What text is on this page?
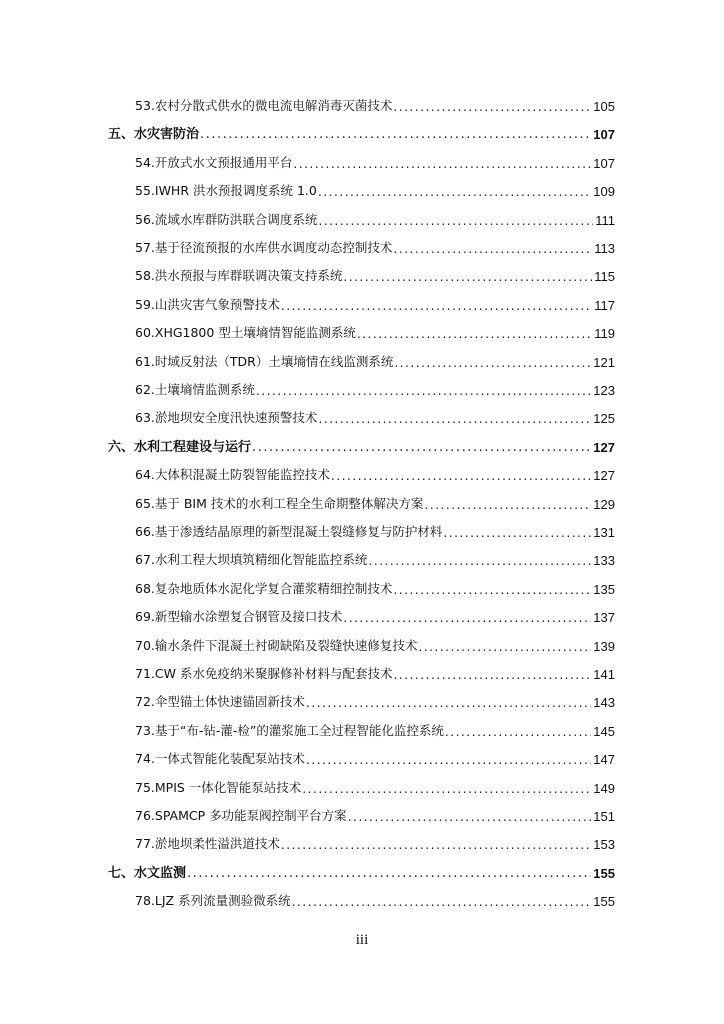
53.农村分散式供水的微电流电解消毒灭菌技术 . . .	105
五、水灾害防治 . . .	107
54.开放式水文预报通用平台 . . .	107
55.IWHR 洪水预报调度系统 1.0 . . .	109
56.流域水库群防洪联合调度系统 . . .	111
57.基于径流预报的水库供水调度动态控制技术 . . .	113
58.洪水预报与库群联调决策支持系统 . . .	115
59.山洪灾害气象预警技术 . . .	117
60.XHG1800 型土壤墒情智能监测系统 . . .	119
61.时域反射法（TDR）土壤墒情在线监测系统 . . .	121
62.土壤墒情监测系统 . . .	123
63.淤地坝安全度汛快速预警技术 . . .	125
六、水利工程建设与运行 . . .	127
64.大体积混凝土防裂智能监控技术 . . .	127
65.基于 BIM 技术的水利工程全生命期整体解决方案 . . .	129
66.基于渗透结晶原理的新型混凝土裂缝修复与防护材料 . . .	131
67.水利工程大坝填筑精细化智能监控系统 . . .	133
68.复杂地质体水泥化学复合灌浆精细控制技术 . . .	135
69.新型输水涂塑复合钢管及接口技术 . . .	137
70.输水条件下混凝土衬砌缺陷及裂缝快速修复技术 . . .	139
71.CW 系水免疫纳米聚脲修补材料与配套技术 . . .	141
72.伞型锚土体快速锚固新技术 . . .	143
73.基于“布-钻-灌-检”的灌浆施工全过程智能化监控系统 . . .	145
74.一体式智能化装配泵站技术 . . .	147
75.MPIS 一体化智能泵站技术 . . .	149
76.SPAMCP 多功能泵阀控制平台方案 . . .	151
77.淤地坝柔性溢洪道技术 . . .	153
七、水文监测 . . .	155
78.LJZ 系列流量测验微系统 . . .	155
iii
